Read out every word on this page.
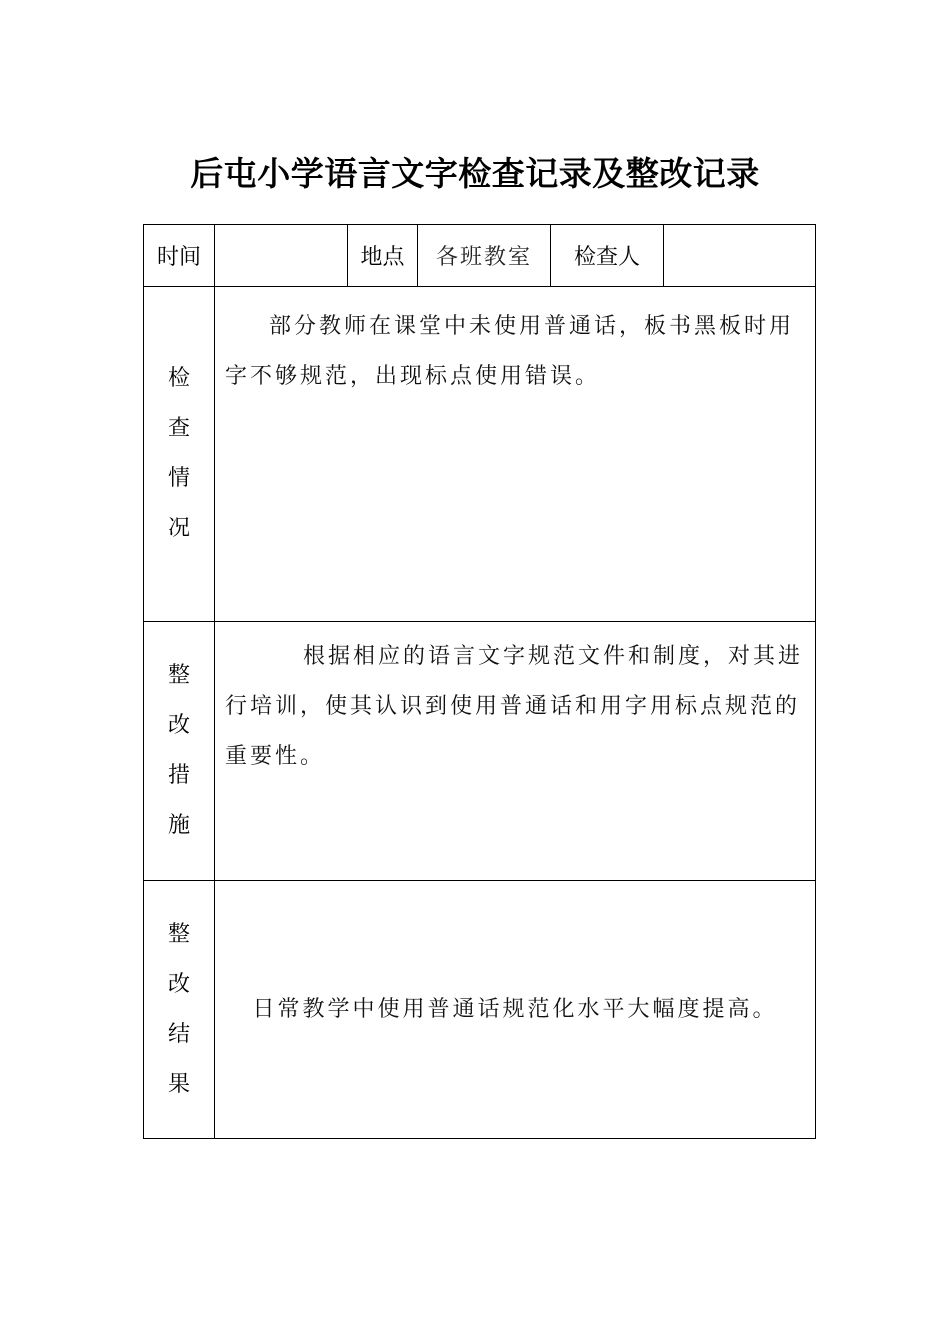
后屯小学语言文字检查记录及整改记录
时间		地点	各班教室	检查人	

检
查
情
况	部分教师在课堂中未使用普通话，板书黑板时用字不够规范，出现标点使用错误。				

整
改
措
施	根据相应的语言文字规范文件和制度，对其进行培训，使其认识到使用普通话和用字用标点规范的重要性。				

整
改
结
果	日常教学中使用普通话规范化水平大幅度提高。				
